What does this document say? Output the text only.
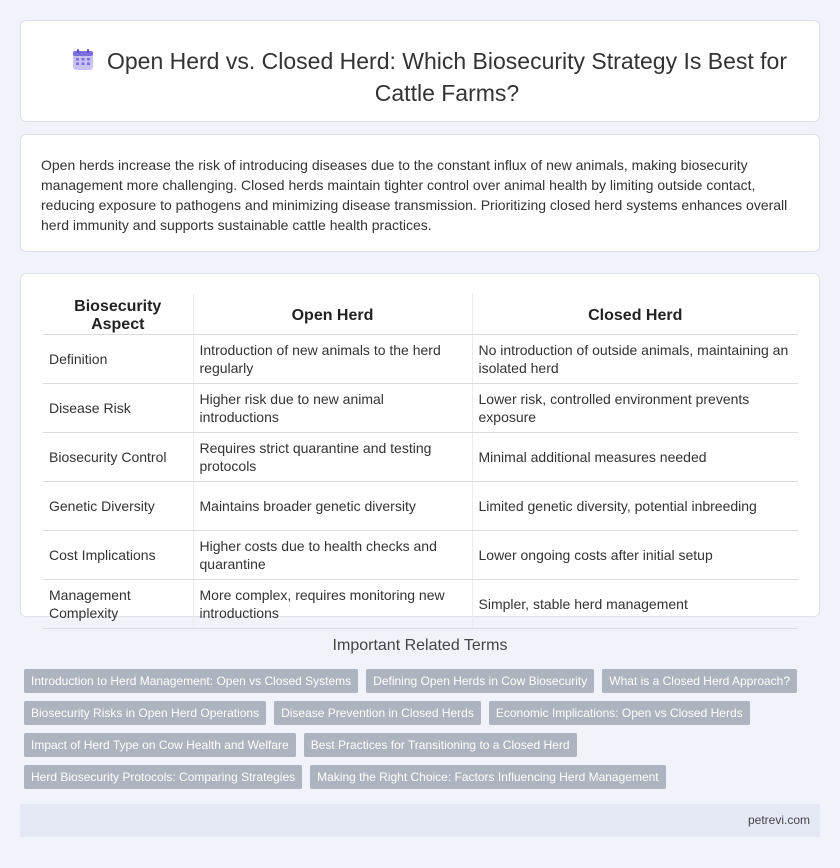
Open Herd vs. Closed Herd: Which Biosecurity Strategy Is Best for Cattle Farms?

Open herds increase the risk of introducing diseases due to the constant influx of new animals, making biosecurity management more challenging. Closed herds maintain tighter control over animal health by limiting outside contact, reducing exposure to pathogens and minimizing disease transmission. Prioritizing closed herd systems enhances overall herd immunity and supports sustainable cattle health practices.

Biosecurity Aspect	Open Herd	Closed Herd
Definition	Introduction of new animals to the herd regularly	No introduction of outside animals, maintaining an isolated herd
Disease Risk	Higher risk due to new animal introductions	Lower risk, controlled environment prevents exposure
Biosecurity Control	Requires strict quarantine and testing protocols	Minimal additional measures needed
Genetic Diversity	Maintains broader genetic diversity	Limited genetic diversity, potential inbreeding
Cost Implications	Higher costs due to health checks and quarantine	Lower ongoing costs after initial setup
Management Complexity	More complex, requires monitoring new introductions	Simpler, stable herd management
Important Related Terms
Introduction to Herd Management: Open vs Closed Systems	Defining Open Herds in Cow Biosecurity	What is a Closed Herd Approach?
Biosecurity Risks in Open Herd Operations	Disease Prevention in Closed Herds	Economic Implications: Open vs Closed Herds
Impact of Herd Type on Cow Health and Welfare	Best Practices for Transitioning to a Closed Herd
Herd Biosecurity Protocols: Comparing Strategies	Making the Right Choice: Factors Influencing Herd Management
petrevi.com
